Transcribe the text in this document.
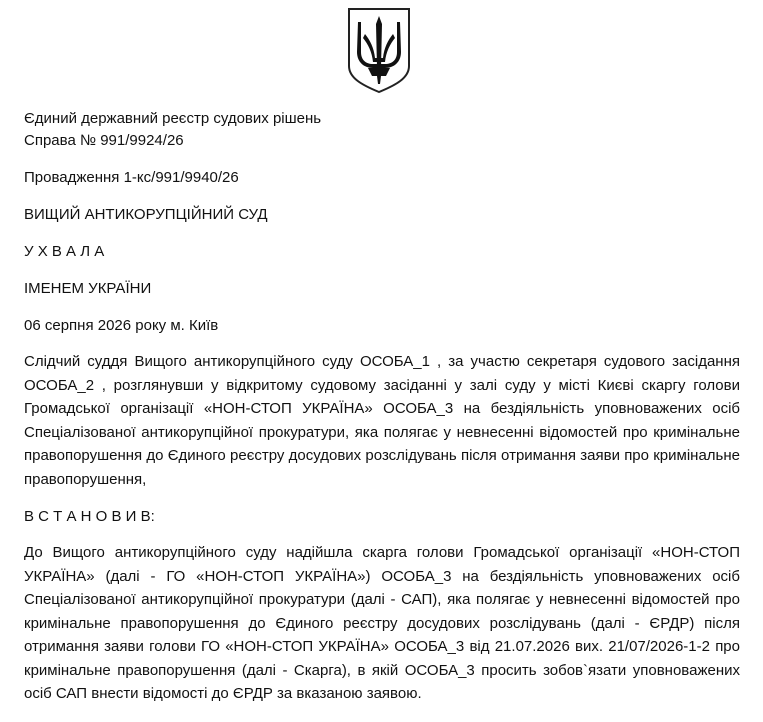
Єдиний державний реєстр судових рішень

Справа № 991/9924/26

Провадження 1-кс/991/9940/26

ВИЩИЙ АНТИКОРУПЦІЙНИЙ СУД

У Х В А Л А

ІМЕНЕМ УКРАЇНИ

06 серпня 2026 року м. Київ

Слідчий суддя Вищого антикорупційного суду ОСОБА_1 , за участю секретаря судового засідання ОСОБА_2 , розглянувши у відкритому судовому засіданні у залі суду у місті Києві скаргу голови Громадської організації «НОН-СТОП УКРАЇНА» ОСОБА_3 на бездіяльність уповноважених осіб Спеціалізованої антикорупційної прокуратури, яка полягає у невнесенні відомостей про кримінальне правопорушення до Єдиного реєстру досудових розслідувань після отримання заяви про кримінальне правопорушення,

В С Т А Н О В И В:

До Вищого антикорупційного суду надійшла скарга голови Громадської організації «НОН-СТОП УКРАЇНА» (далі - ГО «НОН-СТОП УКРАЇНА») ОСОБА_3 на бездіяльність уповноважених осіб Спеціалізованої антикорупційної прокуратури (далі - САП), яка полягає у невнесенні відомостей про кримінальне правопорушення до Єдиного реєстру досудових розслідувань (далі - ЄРДР) після отримання заяви голови ГО «НОН-СТОП УКРАЇНА» ОСОБА_3 від 21.07.2026 вих. 21/07/2026-1-2 про кримінальне правопорушення (далі - Скарга), в якій ОСОБА_3 просить зобов`язати уповноважених осіб САП внести відомості до ЄРДР за вказаною заявою.
